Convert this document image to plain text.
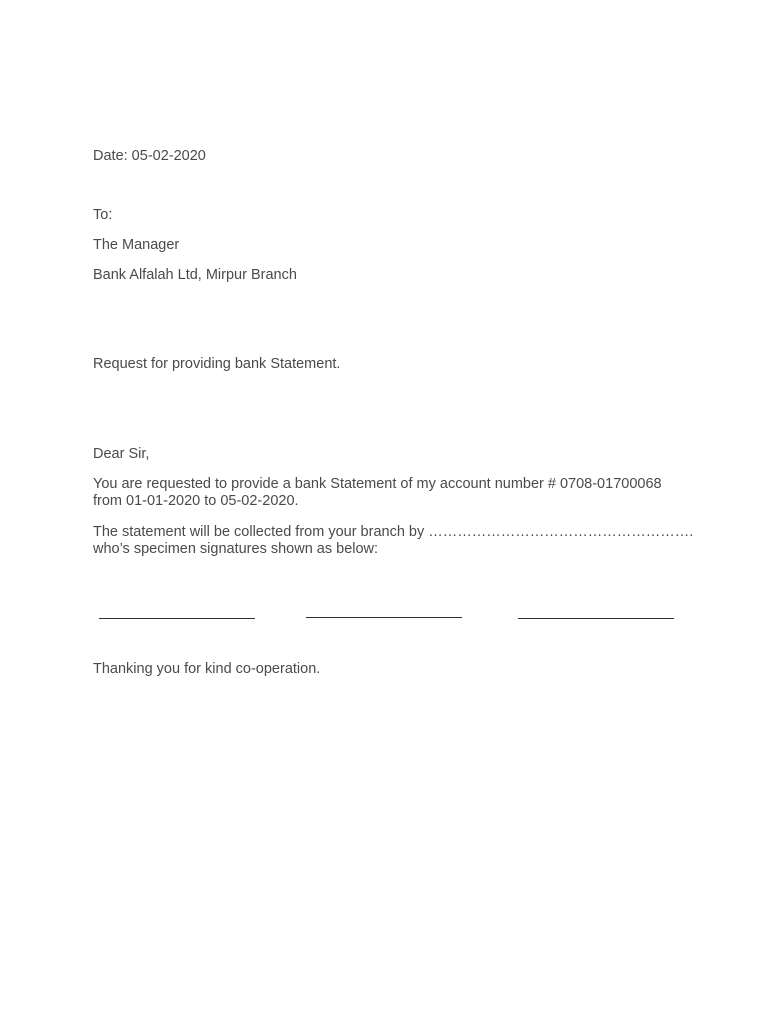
Date: 05-02-2020
To:
The Manager
Bank Alfalah Ltd, Mirpur Branch
Request for providing bank Statement.
Dear Sir,
You are requested to provide a bank Statement of my account number # 0708-01700068
from 01-01-2020 to 05-02-2020.
The statement will be collected from your branch by ……………………………………………….
who’s specimen signatures shown as below:
Thanking you for kind co-operation.
